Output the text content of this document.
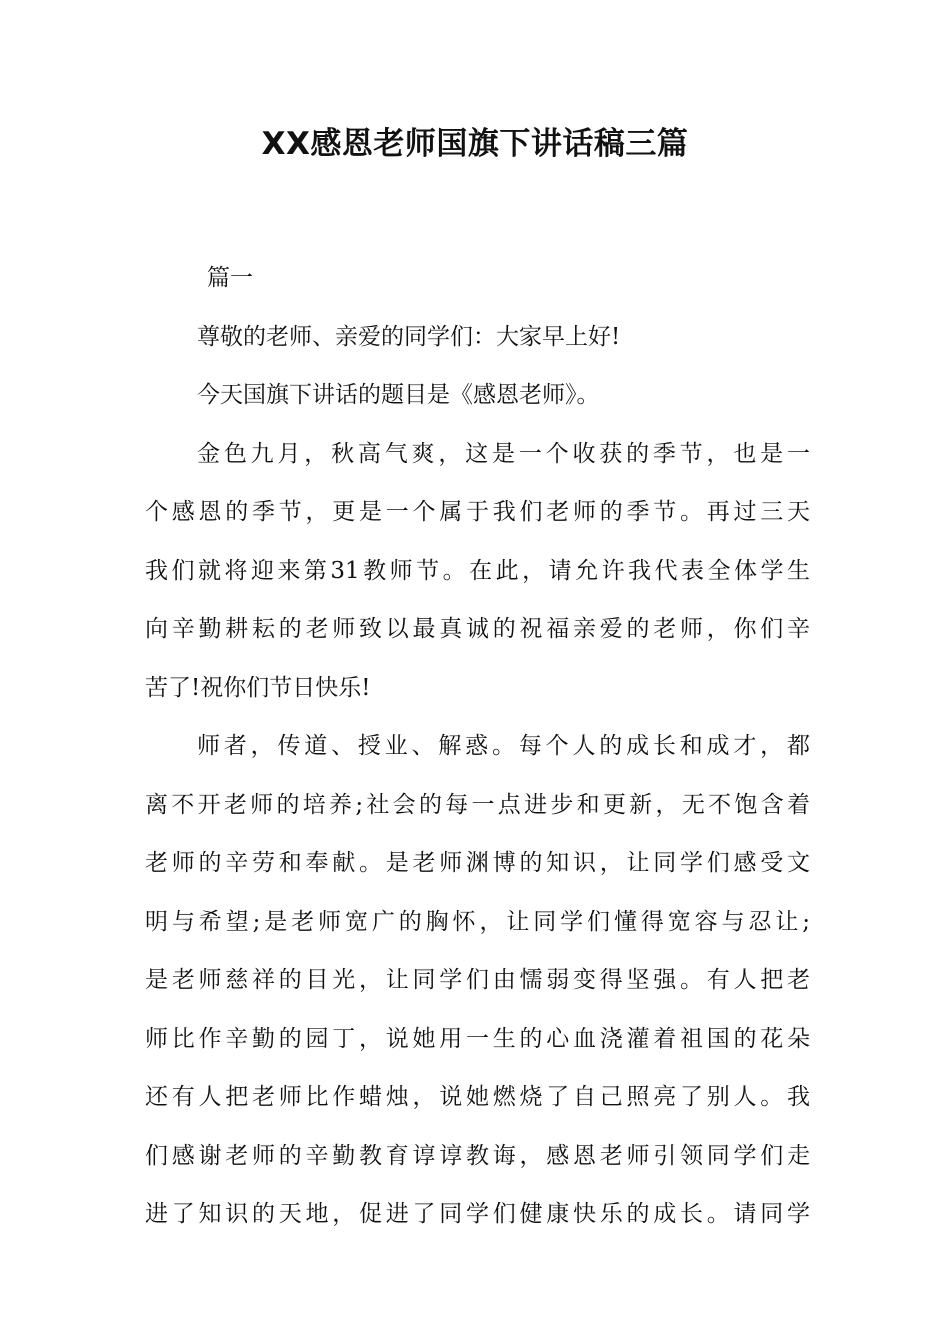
XX感恩老师国旗下讲话稿三篇
篇一
尊敬的老师、亲爱的同学们：大家早上好!
今天国旗下讲话的题目是《感恩老师》。
金色九月，秋高气爽，这是一个收获的季节，也是一
个感恩的季节，更是一个属于我们老师的季节。再过三天
我们就将迎来第31教师节。在此，请允许我代表全体学生
向辛勤耕耘的老师致以最真诚的祝福亲爱的老师，你们辛
苦了!祝你们节日快乐!
师者，传道、授业、解惑。每个人的成长和成才，都
离不开老师的培养;社会的每一点进步和更新，无不饱含着
老师的辛劳和奉献。是老师渊博的知识，让同学们感受文
明与希望;是老师宽广的胸怀，让同学们懂得宽容与忍让;
是老师慈祥的目光，让同学们由懦弱变得坚强。有人把老
师比作辛勤的园丁，说她用一生的心血浇灌着祖国的花朵
还有人把老师比作蜡烛，说她燃烧了自己照亮了别人。我
们感谢老师的辛勤教育谆谆教诲，感恩老师引领同学们走
进了知识的天地，促进了同学们健康快乐的成长。请同学
